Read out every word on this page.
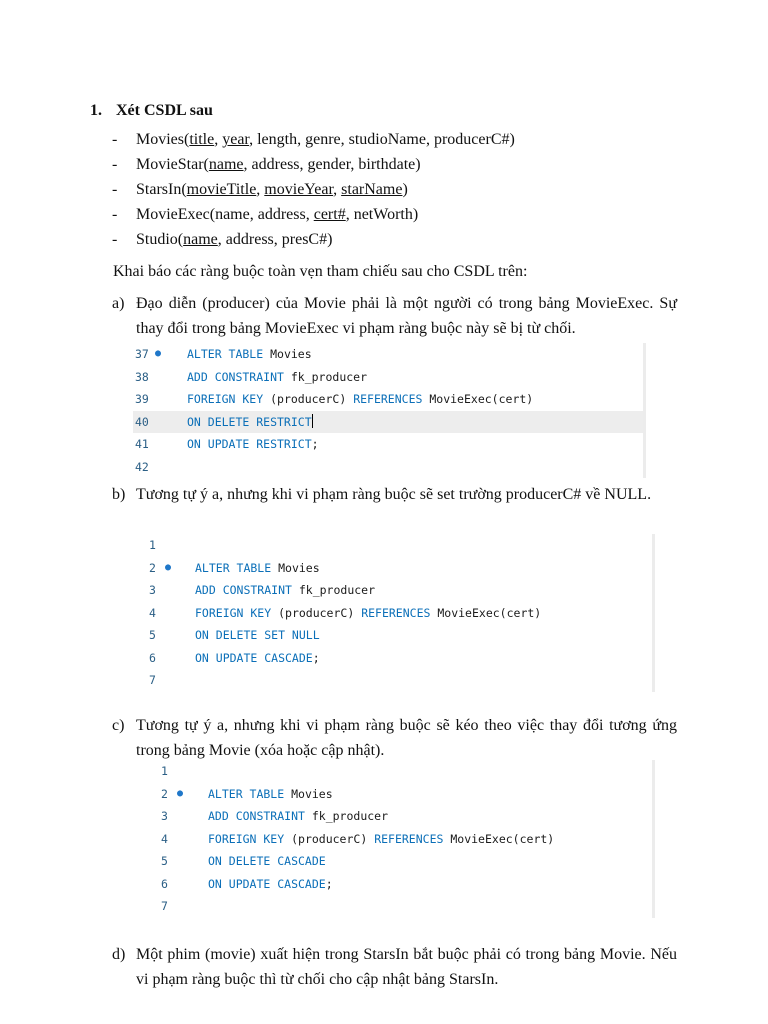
1. Xét CSDL sau
- Movies(title, year, length, genre, studioName, producerC#)
- MovieStar(name, address, gender, birthdate)
- StarsIn(movieTitle, movieYear, starName)
- MovieExec(name, address, cert#, netWorth)
- Studio(name, address, presC#)
Khai báo các ràng buộc toàn vẹn tham chiếu sau cho CSDL trên:
a) Đạo diễn (producer) của Movie phải là một người có trong bảng MovieExec. Sự thay đổi trong bảng MovieExec vi phạm ràng buộc này sẽ bị từ chối.
37 ● ALTER TABLE Movies
38	ADD CONSTRAINT fk_producer
39	FOREIGN KEY (producerC) REFERENCES MovieExec(cert)
40	ON DELETE RESTRICT
41	ON UPDATE RESTRICT;
42
b) Tương tự ý a, nhưng khi vi phạm ràng buộc sẽ set trường producerC# về NULL.
1
2 ● ALTER TABLE Movies
3	ADD CONSTRAINT fk_producer
4	FOREIGN KEY (producerC) REFERENCES MovieExec(cert)
5	ON DELETE SET NULL
6	ON UPDATE CASCADE;
7
c) Tương tự ý a, nhưng khi vi phạm ràng buộc sẽ kéo theo việc thay đổi tương ứng trong bảng Movie (xóa hoặc cập nhật).
1
2 ● ALTER TABLE Movies
3	ADD CONSTRAINT fk_producer
4	FOREIGN KEY (producerC) REFERENCES MovieExec(cert)
5	ON DELETE CASCADE
6	ON UPDATE CASCADE;
7
d) Một phim (movie) xuất hiện trong StarsIn bắt buộc phải có trong bảng Movie. Nếu vi phạm ràng buộc thì từ chối cho cập nhật bảng StarsIn.
